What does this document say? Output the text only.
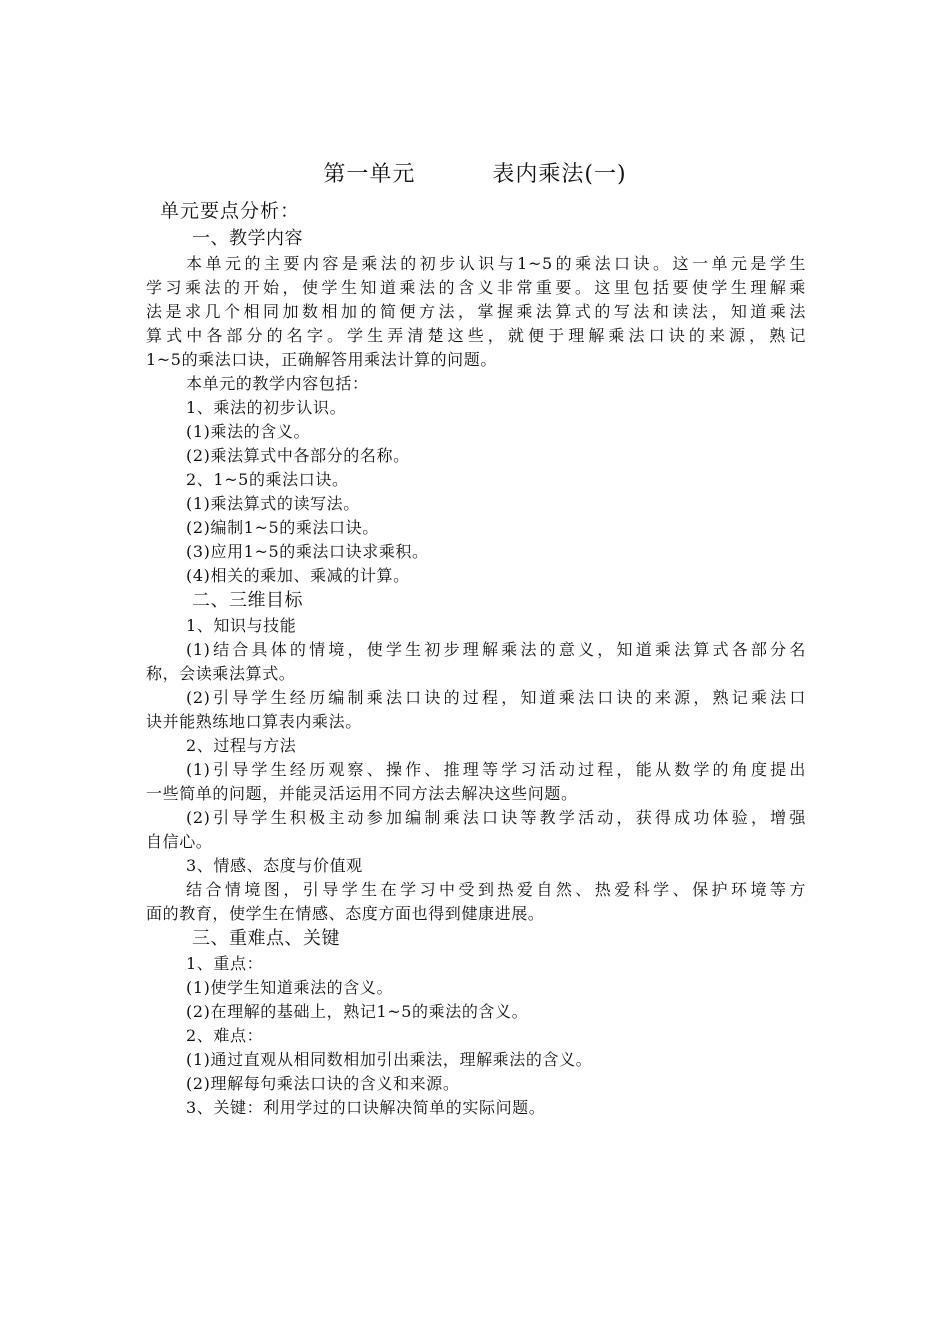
第一单元　　　 表内乘法(一)
单元要点分析：
一、教学内容
本单元的主要内容是乘法的初步认识与1~5的乘法口诀。这一单元是学生
学习乘法的开始，使学生知道乘法的含义非常重要。这里包括要使学生理解乘
法是求几个相同加数相加的简便方法，掌握乘法算式的写法和读法，知道乘法
算式中各部分的名字。学生弄清楚这些，就便于理解乘法口诀的来源，熟记
1~5的乘法口诀，正确解答用乘法计算的问题。
本单元的教学内容包括：
1、乘法的初步认识。
(1)乘法的含义。
(2)乘法算式中各部分的名称。
2、1~5的乘法口诀。
(1)乘法算式的读写法。
(2)编制1~5的乘法口诀。
(3)应用1~5的乘法口诀求乘积。
(4)相关的乘加、乘减的计算。
二、三维目标
1、知识与技能
(1)结合具体的情境，使学生初步理解乘法的意义，知道乘法算式各部分名
称，会读乘法算式。
(2)引导学生经历编制乘法口诀的过程，知道乘法口诀的来源，熟记乘法口
诀并能熟练地口算表内乘法。
2、过程与方法
(1)引导学生经历观察、操作、推理等学习活动过程，能从数学的角度提出
一些简单的问题，并能灵活运用不同方法去解决这些问题。
(2)引导学生积极主动参加编制乘法口诀等教学活动，获得成功体验，增强
自信心。
3、情感、态度与价值观
结合情境图，引导学生在学习中受到热爱自然、热爱科学、保护环境等方
面的教育，使学生在情感、态度方面也得到健康进展。
三、重难点、关键
1、重点：
(1)使学生知道乘法的含义。
(2)在理解的基础上，熟记1~5的乘法的含义。
2、难点：
(1)通过直观从相同数相加引出乘法，理解乘法的含义。
(2)理解每句乘法口诀的含义和来源。
3、关键：利用学过的口诀解决简单的实际问题。
